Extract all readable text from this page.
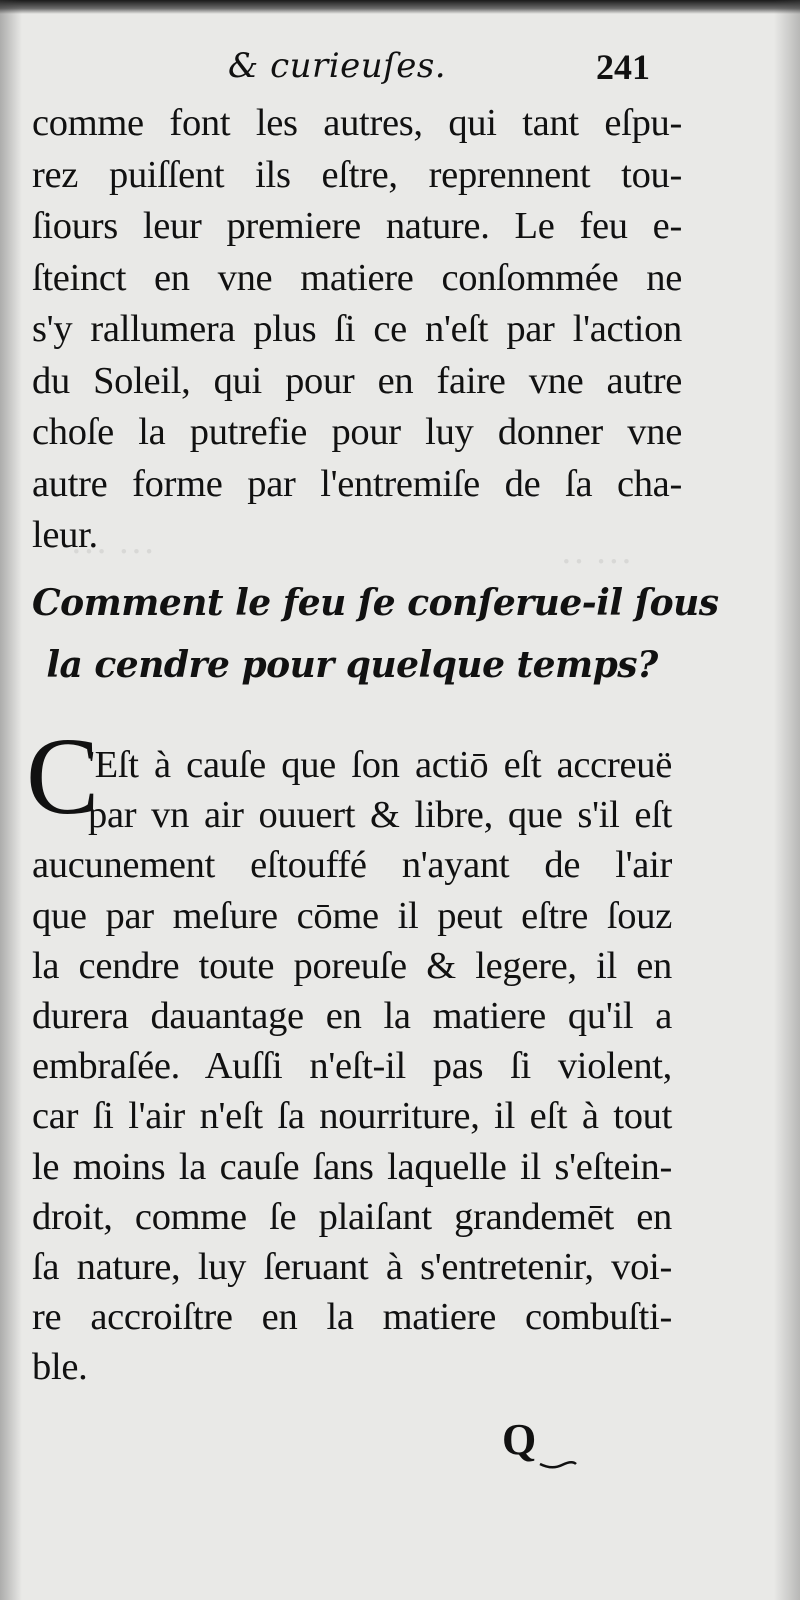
··· ···	·· ···
& curieuſes.	241
comme font les autres, qui tant eſpu-
rez puiſſent ils eſtre, reprennent tou-
ſiours leur premiere nature. Le feu e-
ſteinct en vne matiere conſommée ne
s'y rallumera plus ſi ce n'eſt par l'action
du Soleil, qui pour en faire vne autre
choſe la putrefie pour luy donner vne
autre forme par l'entremiſe de ſa cha-
leur.
Comment le feu ſe conſerue-il ſous
la cendre pour quelque temps?
C
'Eſt à cauſe que ſon actiō eſt accreuë
par vn air ouuert & libre, que s'il eſt
aucunement eſtouffé n'ayant de l'air
que par meſure cōme il peut eſtre ſouz
la cendre toute poreuſe & legere, il en
durera dauantage en la matiere qu'il a
embraſée. Auſſi n'eſt-il pas ſi violent,
car ſi l'air n'eſt ſa nourriture, il eſt à tout
le moins la cauſe ſans laquelle il s'eſtein-
droit, comme ſe plaiſant grandemēt en
ſa nature, luy ſeruant à s'entretenir, voi-
re accroiſtre en la matiere combuſti-
ble.
Q
